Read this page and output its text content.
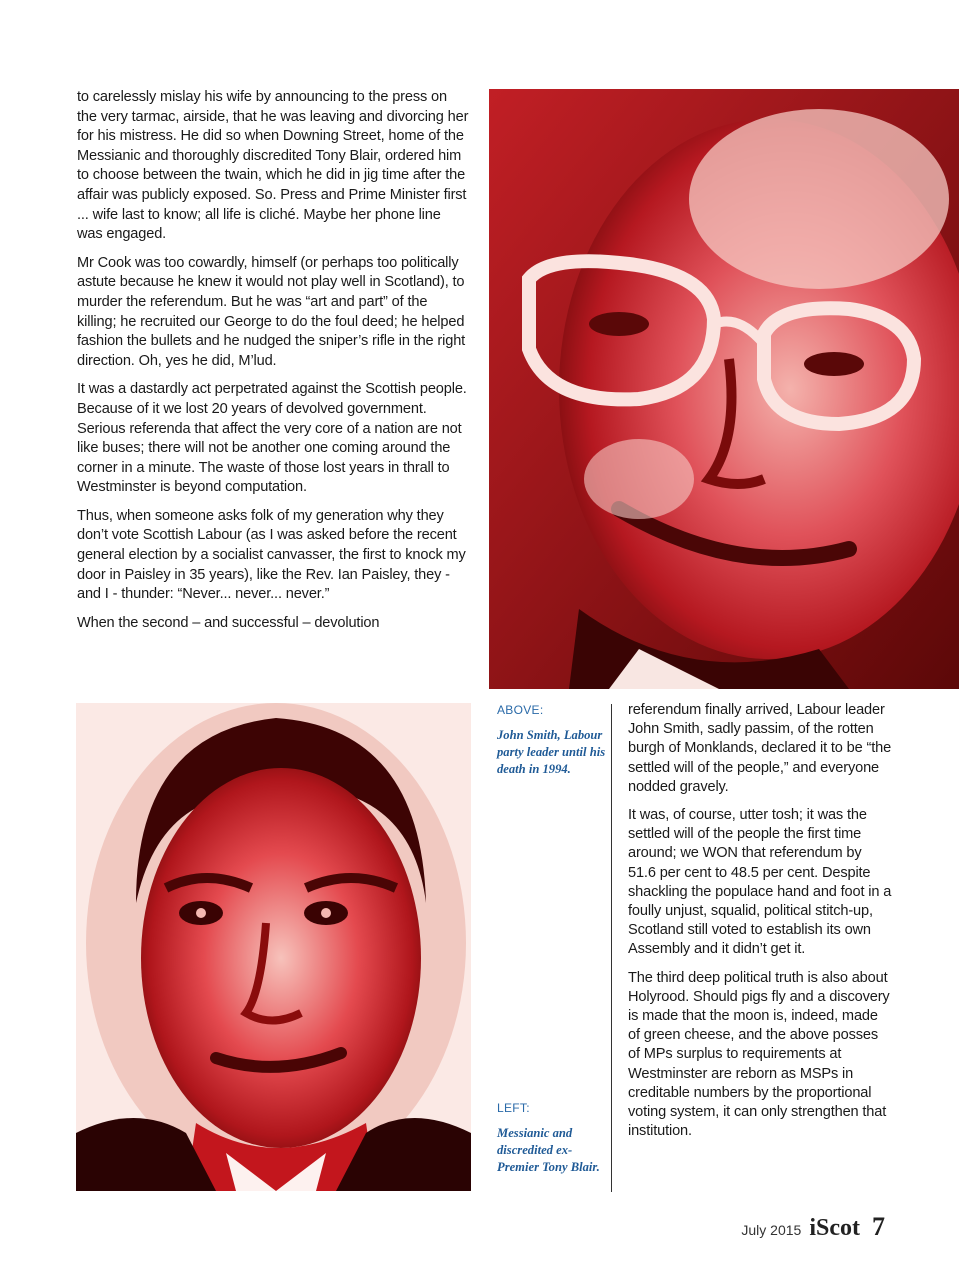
to carelessly mislay his wife by announcing to the press on the very tarmac, airside, that he was leaving and divorcing her for his mistress. He did so when Downing Street, home of the Messianic and thoroughly discredited Tony Blair, ordered him to choose between the twain, which he did in jig time after the affair was publicly exposed. So. Press and Prime Minister first ... wife last to know; all life is cliché. Maybe her phone line was engaged.

Mr Cook was too cowardly, himself (or perhaps too politically astute because he knew it would not play well in Scotland), to murder the referendum. But he was “art and part” of the killing; he recruited our George to do the foul deed; he helped fashion the bullets and he nudged the sniper’s rifle in the right direction. Oh, yes he did, M’lud.

It was a dastardly act perpetrated against the Scottish people. Because of it we lost 20 years of devolved government. Serious referenda that affect the very core of a nation are not like buses; there will not be another one coming around the corner in a minute. The waste of those lost years in thrall to Westminster is beyond computation.

Thus, when someone asks folk of my generation why they don’t vote Scottish Labour (as I was asked before the recent general election by a socialist canvasser, the first to knock my door in Paisley in 35 years), like the Rev. Ian Paisley, they - and I - thunder: “Never... never... never.”

When the second – and successful – devolution

ABOVE:
John Smith, Labour party leader until his death in 1994.
LEFT:
Messianic and discredited ex-Premier Tony Blair.

referendum finally arrived, Labour leader John Smith, sadly passim, of the rotten burgh of Monklands, declared it to be “the settled will of the people,” and everyone nodded gravely.

It was, of course, utter tosh; it was the settled will of the people the first time around; we WON that referendum by 51.6 per cent to 48.5 per cent. Despite shackling the populace hand and foot in a foully unjust, squalid, political stitch-up, Scotland still voted to establish its own Assembly and it didn’t get it.

The third deep political truth is also about Holyrood. Should pigs fly and a discovery is made that the moon is, indeed, made of green cheese, and the above posses of MPs surplus to requirements at Westminster are reborn as MSPs in creditable numbers by the proportional voting system, it can only strengthen that institution.

July 2015 iScot 7
